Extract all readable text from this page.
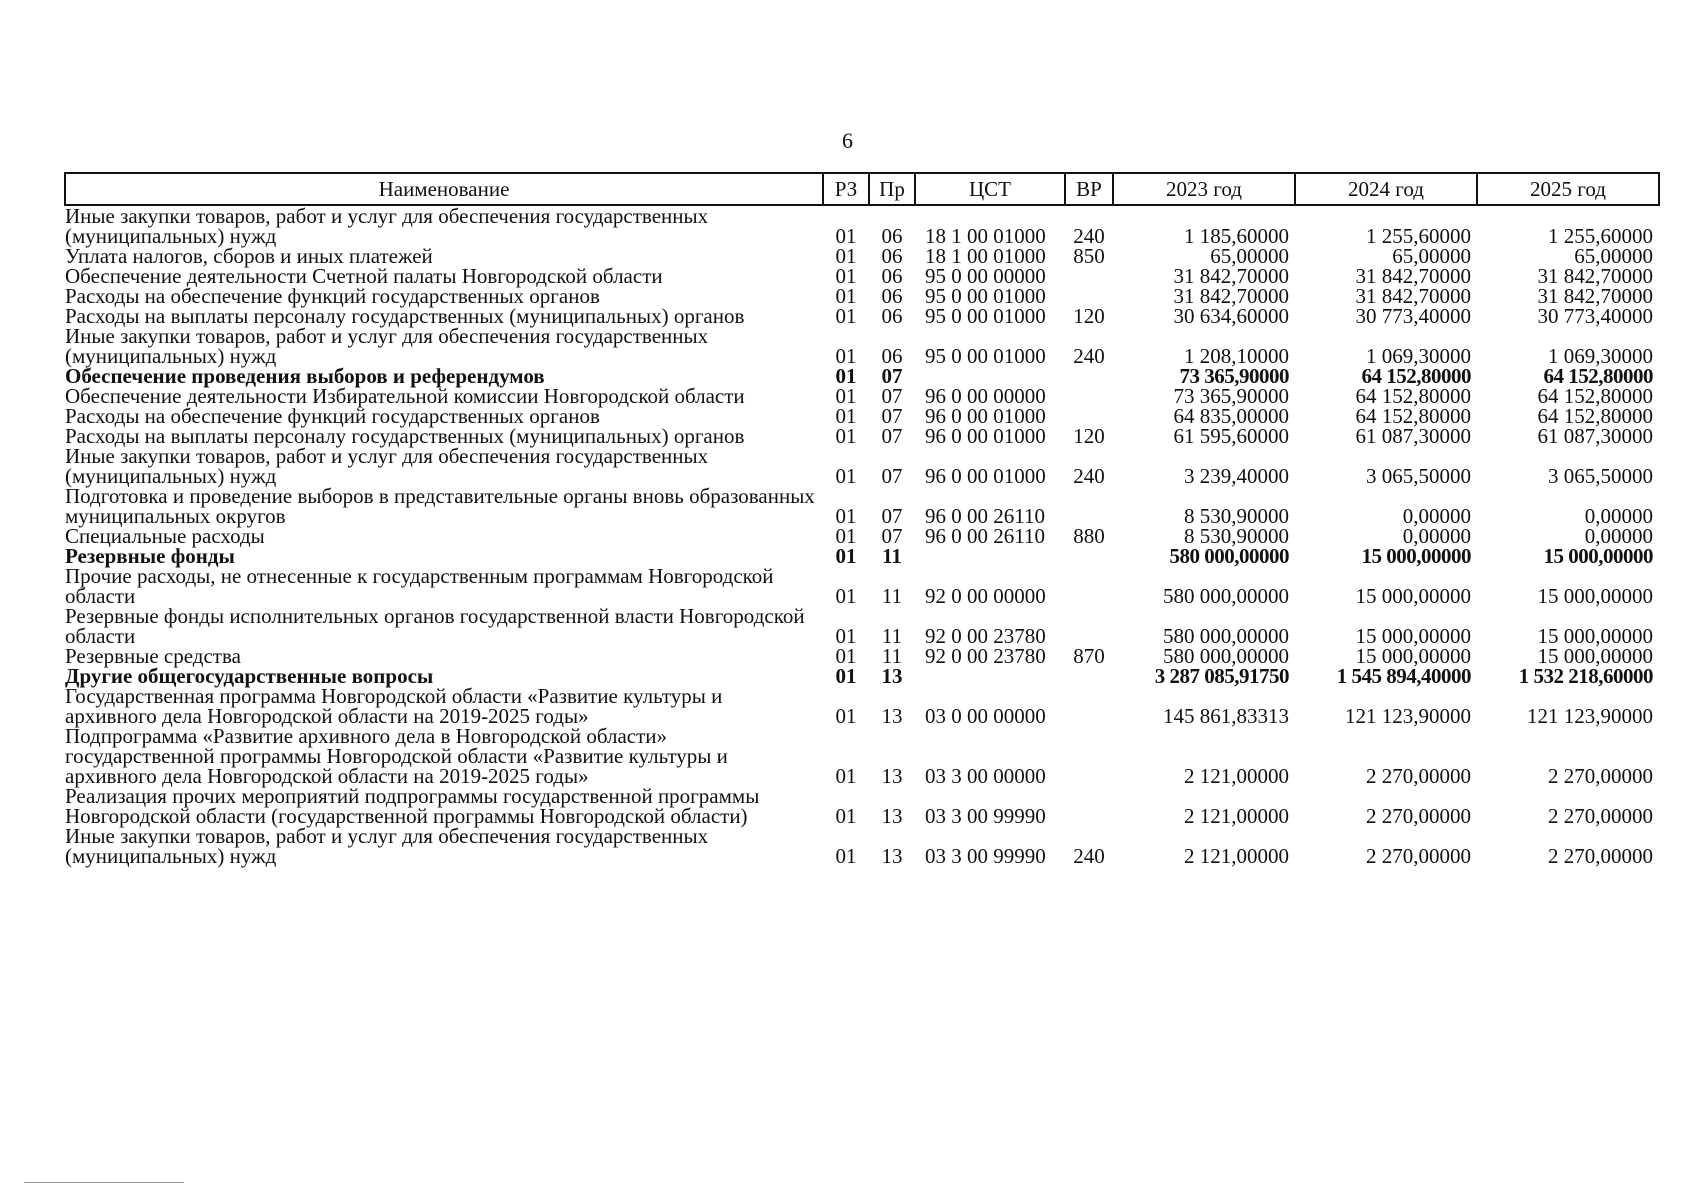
6
Наименование	РЗ	Пр	ЦСТ	ВР	2023 год	2024 год	2025 год
Иные закупки товаров, работ и услуг для обеспечения государственных (муниципальных) нужд	01	06	18 1 00 01000	240	1 185,60000	1 255,60000	1 255,60000
Уплата налогов, сборов и иных платежей	01	06	18 1 00 01000	850	65,00000	65,00000	65,00000
Обеспечение деятельности Счетной палаты Новгородской области	01	06	95 0 00 00000		31 842,70000	31 842,70000	31 842,70000
Расходы на обеспечение функций государственных органов	01	06	95 0 00 01000		31 842,70000	31 842,70000	31 842,70000
Расходы на выплаты персоналу государственных (муниципальных) органов	01	06	95 0 00 01000	120	30 634,60000	30 773,40000	30 773,40000
Иные закупки товаров, работ и услуг для обеспечения государственных (муниципальных) нужд	01	06	95 0 00 01000	240	1 208,10000	1 069,30000	1 069,30000
Обеспечение проведения выборов и референдумов	01	07			73 365,90000	64 152,80000	64 152,80000
Обеспечение деятельности Избирательной комиссии Новгородской области	01	07	96 0 00 00000		73 365,90000	64 152,80000	64 152,80000
Расходы на обеспечение функций государственных органов	01	07	96 0 00 01000		64 835,00000	64 152,80000	64 152,80000
Расходы на выплаты персоналу государственных (муниципальных) органов	01	07	96 0 00 01000	120	61 595,60000	61 087,30000	61 087,30000
Иные закупки товаров, работ и услуг для обеспечения государственных (муниципальных) нужд	01	07	96 0 00 01000	240	3 239,40000	3 065,50000	3 065,50000
Подготовка и проведение выборов в представительные органы вновь образованных муниципальных округов	01	07	96 0 00 26110		8 530,90000	0,00000	0,00000
Специальные расходы	01	07	96 0 00 26110	880	8 530,90000	0,00000	0,00000
Резервные фонды	01	11			580 000,00000	15 000,00000	15 000,00000
Прочие расходы, не отнесенные к государственным программам Новгородской области	01	11	92 0 00 00000		580 000,00000	15 000,00000	15 000,00000
Резервные фонды исполнительных органов государственной власти Новгородской области	01	11	92 0 00 23780		580 000,00000	15 000,00000	15 000,00000
Резервные средства	01	11	92 0 00 23780	870	580 000,00000	15 000,00000	15 000,00000
Другие общегосударственные вопросы	01	13			3 287 085,91750	1 545 894,40000	1 532 218,60000
Государственная программа Новгородской области «Развитие культуры и архивного дела Новгородской области на 2019-2025 годы»	01	13	03 0 00 00000		145 861,83313	121 123,90000	121 123,90000
Подпрограмма «Развитие архивного дела в Новгородской области» государственной программы Новгородской области «Развитие культуры и архивного дела Новгородской области на 2019-2025 годы»	01	13	03 3 00 00000		2 121,00000	2 270,00000	2 270,00000
Реализация прочих мероприятий подпрограммы государственной программы Новгородской области (государственной программы Новгородской области)	01	13	03 3 00 99990		2 121,00000	2 270,00000	2 270,00000
Иные закупки товаров, работ и услуг для обеспечения государственных (муниципальных) нужд	01	13	03 3 00 99990	240	2 121,00000	2 270,00000	2 270,00000
